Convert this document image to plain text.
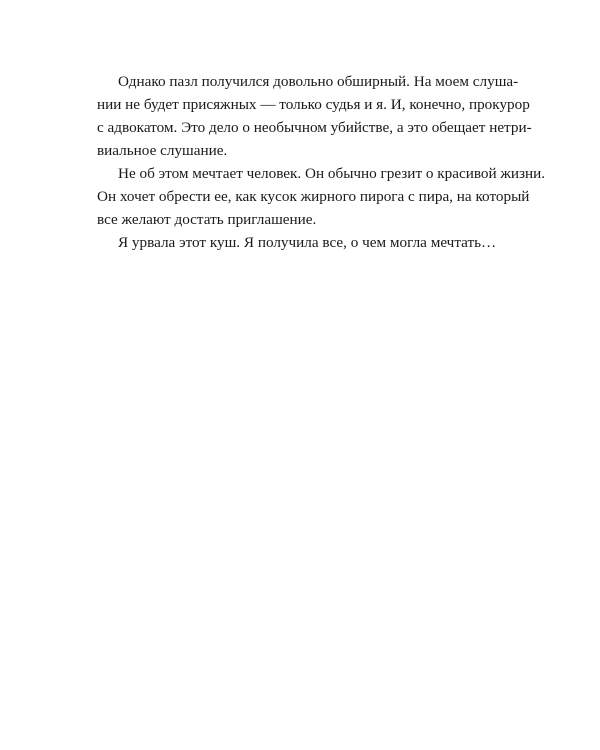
Однако пазл получился довольно обширный. На моем слуша-
нии не будет присяжных — только судья и я. И, конечно, прокурор
с адвокатом. Это дело о необычном убийстве, а это обещает нетри-
виальное слушание.

Не об этом мечтает человек. Он обычно грезит о красивой жизни.
Он хочет обрести ее, как кусок жирного пирога с пира, на который
все желают достать приглашение.

Я урвала этот куш. Я получила все, о чем могла мечтать…
